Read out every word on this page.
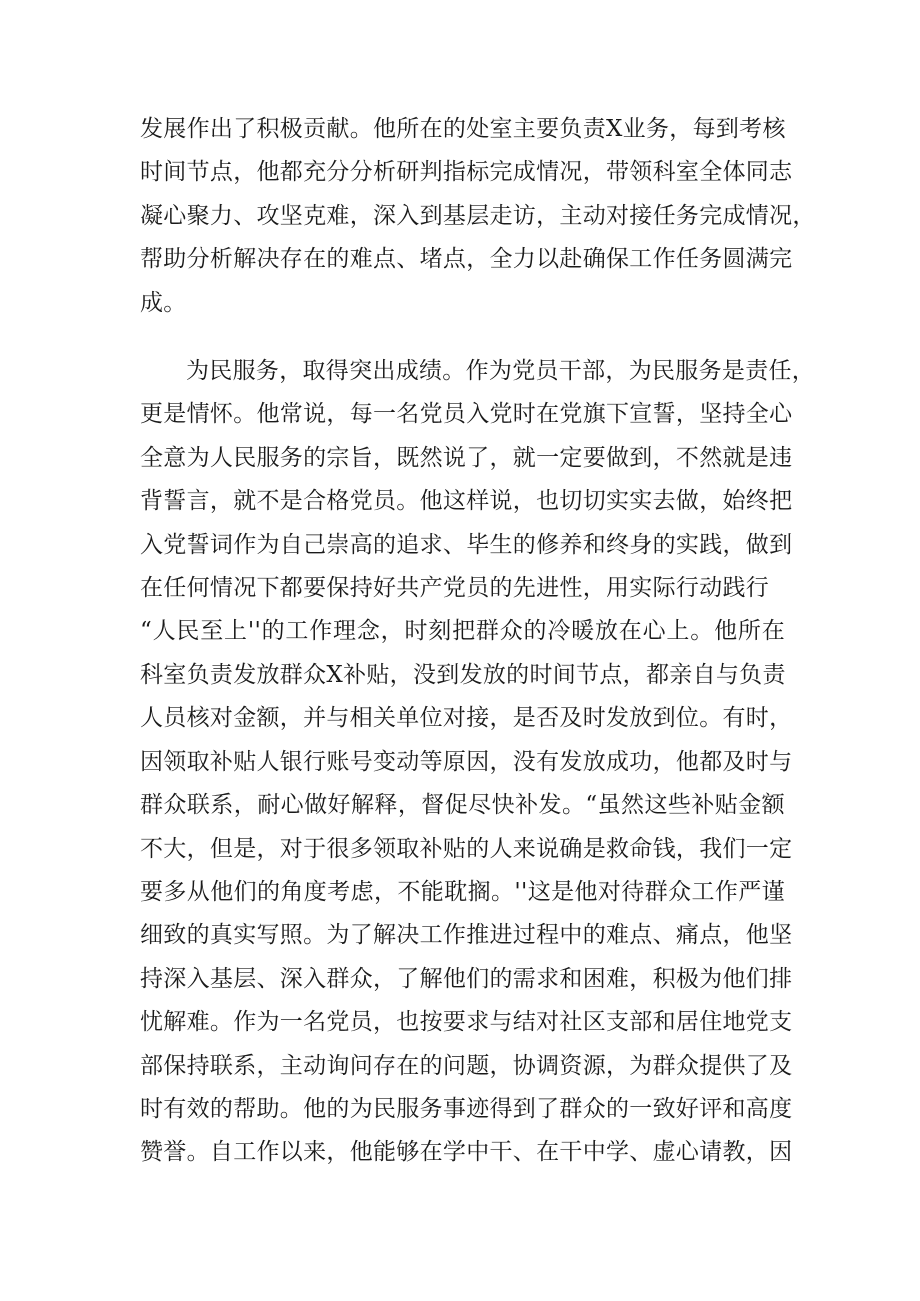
发展作出了积极贡献。他所在的处室主要负责X业务，每到考核
时间节点，他都充分分析研判指标完成情况，带领科室全体同志
凝心聚力、攻坚克难，深入到基层走访，主动对接任务完成情况，
帮助分析解决存在的难点、堵点，全力以赴确保工作任务圆满完
成。

为民服务，取得突出成绩。作为党员干部，为民服务是责任，
更是情怀。他常说，每一名党员入党时在党旗下宣誓，坚持全心
全意为人民服务的宗旨，既然说了，就一定要做到，不然就是违
背誓言，就不是合格党员。他这样说，也切切实实去做，始终把
入党誓词作为自己崇高的追求、毕生的修养和终身的实践，做到
在任何情况下都要保持好共产党员的先进性，用实际行动践行
“人民至上''的工作理念，时刻把群众的冷暖放在心上。他所在
科室负责发放群众X补贴，没到发放的时间节点，都亲自与负责
人员核对金额，并与相关单位对接，是否及时发放到位。有时，
因领取补贴人银行账号变动等原因，没有发放成功，他都及时与
群众联系，耐心做好解释，督促尽快补发。“虽然这些补贴金额
不大，但是，对于很多领取补贴的人来说确是救命钱，我们一定
要多从他们的角度考虑，不能耽搁。''这是他对待群众工作严谨
细致的真实写照。为了解决工作推进过程中的难点、痛点，他坚
持深入基层、深入群众，了解他们的需求和困难，积极为他们排
忧解难。作为一名党员，也按要求与结对社区支部和居住地党支
部保持联系，主动询问存在的问题，协调资源，为群众提供了及
时有效的帮助。他的为民服务事迹得到了群众的一致好评和高度
赞誉。自工作以来，他能够在学中干、在干中学、虚心请教，因
